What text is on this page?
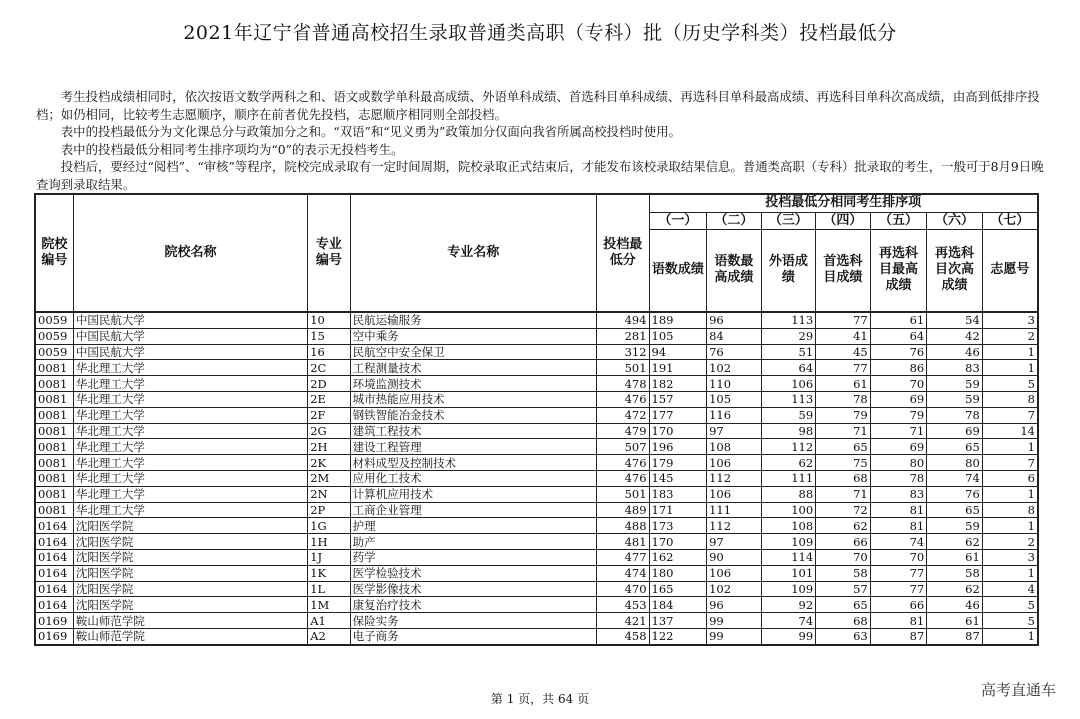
2021年辽宁省普通高校招生录取普通类高职（专科）批（历史学科类）投档最低分

考生投档成绩相同时，依次按语文数学两科之和、语文或数学单科最高成绩、外语单科成绩、首选科目单科成绩、再选科目单科最高成绩、再选科目单科次高成绩，由高到低排序投档；如仍相同，比较考生志愿顺序，顺序在前者优先投档，志愿顺序相同则全部投档。

表中的投档最低分为文化课总分与政策加分之和。“双语”和“见义勇为”政策加分仅面向我省所属高校投档时使用。

表中的投档最低分相同考生排序项均为“0”的表示无投档考生。

投档后，要经过“阅档”、“审核”等程序，院校完成录取有一定时间周期，院校录取正式结束后，才能发布该校录取结果信息。普通类高职（专科）批录取的考生，一般可于8月9日晚查询到录取结果。

院校编号	院校名称	专业编号	专业名称	投档最低分	投档最低分相同考生排序项						
					（一）	（二）	（三）	（四）	（五）	（六）	（七）
					语数成绩	语数最高成绩	外语成绩	首选科目成绩	再选科目最高成绩	再选科目次高成绩	志愿号
0059	中国民航大学	10	民航运输服务	494	189	96	113	77	61	54	3
0059	中国民航大学	15	空中乘务	281	105	84	29	41	64	42	2
0059	中国民航大学	16	民航空中安全保卫	312	94	76	51	45	76	46	1
0081	华北理工大学	2C	工程测量技术	501	191	102	64	77	86	83	1
0081	华北理工大学	2D	环境监测技术	478	182	110	106	61	70	59	5
0081	华北理工大学	2E	城市热能应用技术	476	157	105	113	78	69	59	8
0081	华北理工大学	2F	钢铁智能冶金技术	472	177	116	59	79	79	78	7
0081	华北理工大学	2G	建筑工程技术	479	170	97	98	71	71	69	14
0081	华北理工大学	2H	建设工程管理	507	196	108	112	65	69	65	1
0081	华北理工大学	2K	材料成型及控制技术	476	179	106	62	75	80	80	7
0081	华北理工大学	2M	应用化工技术	476	145	112	111	68	78	74	6
0081	华北理工大学	2N	计算机应用技术	501	183	106	88	71	83	76	1
0081	华北理工大学	2P	工商企业管理	489	171	111	100	72	81	65	8
0164	沈阳医学院	1G	护理	488	173	112	108	62	81	59	1
0164	沈阳医学院	1H	助产	481	170	97	109	66	74	62	2
0164	沈阳医学院	1J	药学	477	162	90	114	70	70	61	3
0164	沈阳医学院	1K	医学检验技术	474	180	106	101	58	77	58	1
0164	沈阳医学院	1L	医学影像技术	470	165	102	109	57	77	62	4
0164	沈阳医学院	1M	康复治疗技术	453	184	96	92	65	66	46	5
0169	鞍山师范学院	A1	保险实务	421	137	99	74	68	81	61	5
0169	鞍山师范学院	A2	电子商务	458	122	99	99	63	87	87	1
第 1 页，共 64 页	高考直通车
